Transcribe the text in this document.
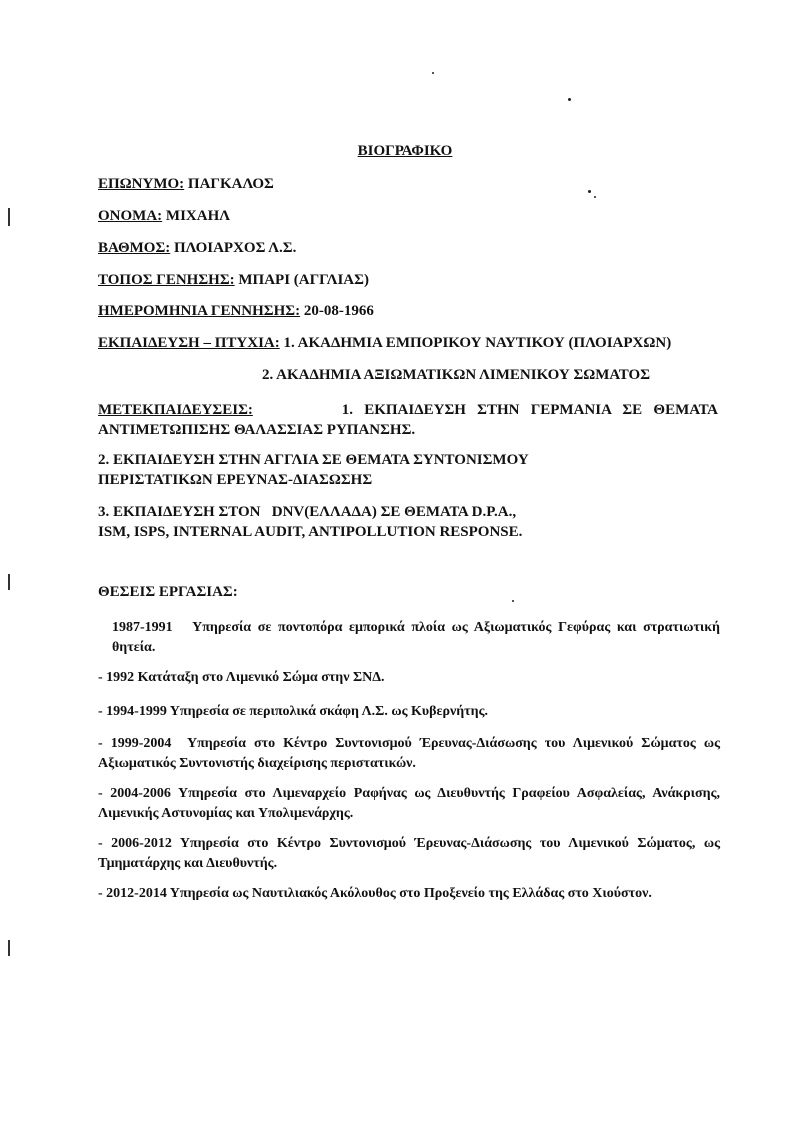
ΒΙΟΓΡΑΦΙΚΟ
ΕΠΩΝΥΜΟ: ΠΑΓΚΑΛΟΣ
ΟΝΟΜΑ: ΜΙΧΑΗΛ
ΒΑΘΜΟΣ: ΠΛΟΙΑΡΧΟΣ Λ.Σ.
ΤΟΠΟΣ ΓΕΝΗΣΗΣ: ΜΠΑΡΙ (ΑΓΓΛΙΑΣ)
ΗΜΕΡΟΜΗΝΙΑ ΓΕΝΝΗΣΗΣ: 20-08-1966
ΕΚΠΑΙΔΕΥΣΗ – ΠΤΥΧΙΑ: 1. ΑΚΑΔΗΜΙΑ ΕΜΠΟΡΙΚΟΥ ΝΑΥΤΙΚΟΥ (ΠΛΟΙΑΡΧΩΝ)
2. ΑΚΑΔΗΜΙΑ ΑΞΙΩΜΑΤΙΚΩΝ ΛΙΜΕΝΙΚΟΥ ΣΩΜΑΤΟΣ
ΜΕΤΕΚΠΑΙΔΕΥΣΕΙΣ:	1.   ΕΚΠΑΙΔΕΥΣΗ   ΣΤΗΝ   ΓΕΡΜΑΝΙΑ   ΣΕ   ΘΕΜΑΤΑ
ΑΝΤΙΜΕΤΩΠΙΣΗΣ ΘΑΛΑΣΣΙΑΣ ΡΥΠΑΝΣΗΣ.
2. ΕΚΠΑΙΔΕΥΣΗ ΣΤΗΝ ΑΓΓΛΙΑ ΣΕ ΘΕΜΑΤΑ ΣΥΝΤΟΝΙΣΜΟΥ
ΠΕΡΙΣΤΑΤΙΚΩΝ ΕΡΕΥΝΑΣ-ΔΙΑΣΩΣΗΣ
3. ΕΚΠΑΙΔΕΥΣΗ ΣΤΟΝ   DNV(ΕΛΛΑΔΑ) ΣΕ ΘΕΜΑΤΑ D.P.A.,
ISM, ISPS, INTERNAL AUDIT, ANTIPOLLUTION RESPONSE.
ΘΕΣΕΙΣ ΕΡΓΑΣΙΑΣ:
1987-1991   Υπηρεσία σε ποντοπόρα εμπορικά πλοία ως Αξιωματικός Γεφύρας και στρατιωτική θητεία.
- 1992 Κατάταξη στο Λιμενικό Σώμα στην ΣΝΔ.
- 1994-1999 Υπηρεσία σε περιπολικά σκάφη Λ.Σ. ως Κυβερνήτης.
- 1999-2004  Υπηρεσία στο Κέντρο Συντονισμού Έρευνας-Διάσωσης του Λιμενικού Σώματος ως Αξιωματικός Συντονιστής διαχείρισης περιστατικών.
- 2004-2006 Υπηρεσία στο Λιμεναρχείο Ραφήνας ως Διευθυντής Γραφείου Ασφαλείας, Ανάκρισης, Λιμενικής Αστυνομίας και Υπολιμενάρχης.
- 2006-2012 Υπηρεσία στο Κέντρο Συντονισμού Έρευνας-Διάσωσης του Λιμενικού Σώματος, ως Τμηματάρχης και Διευθυντής.
- 2012-2014 Υπηρεσία ως Ναυτιλιακός Ακόλουθος στο Προξενείο της Ελλάδας στο Χιούστον.
